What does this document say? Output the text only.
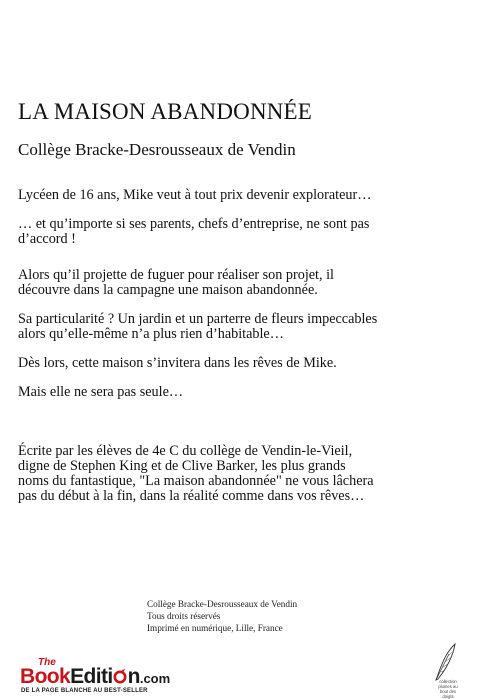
LA MAISON ABANDONNÉE
Collège Bracke-Desrousseaux de Vendin

Lycéen de 16 ans, Mike veut à tout prix devenir explorateur…

… et qu’importe si ses parents, chefs d’entreprise, ne sont pas d’accord !

Alors qu’il projette de fuguer pour réaliser son projet, il découvre dans la campagne une maison abandonnée.

Sa particularité ? Un jardin et un parterre de fleurs impeccables alors qu’elle-même n’a plus rien d’habitable…

Dès lors, cette maison s’invitera dans les rêves de Mike.

Mais elle ne sera pas seule…

Écrite par les élèves de 4e C du collège de Vendin-le-Vieil, digne de Stephen King et de Clive Barker, les plus grands noms du fantastique, "La maison abandonnée" ne vous lâchera pas du début à la fin, dans la réalité comme dans vos rêves…

Collège Bracke-Desrousseaux de Vendin
Tous droits réservés
Imprimé en numérique, Lille, France
The
BookEditi n.com
DE LA PAGE BLANCHE AU BEST-SELLER
collection
plumes au
bout des
doigts
